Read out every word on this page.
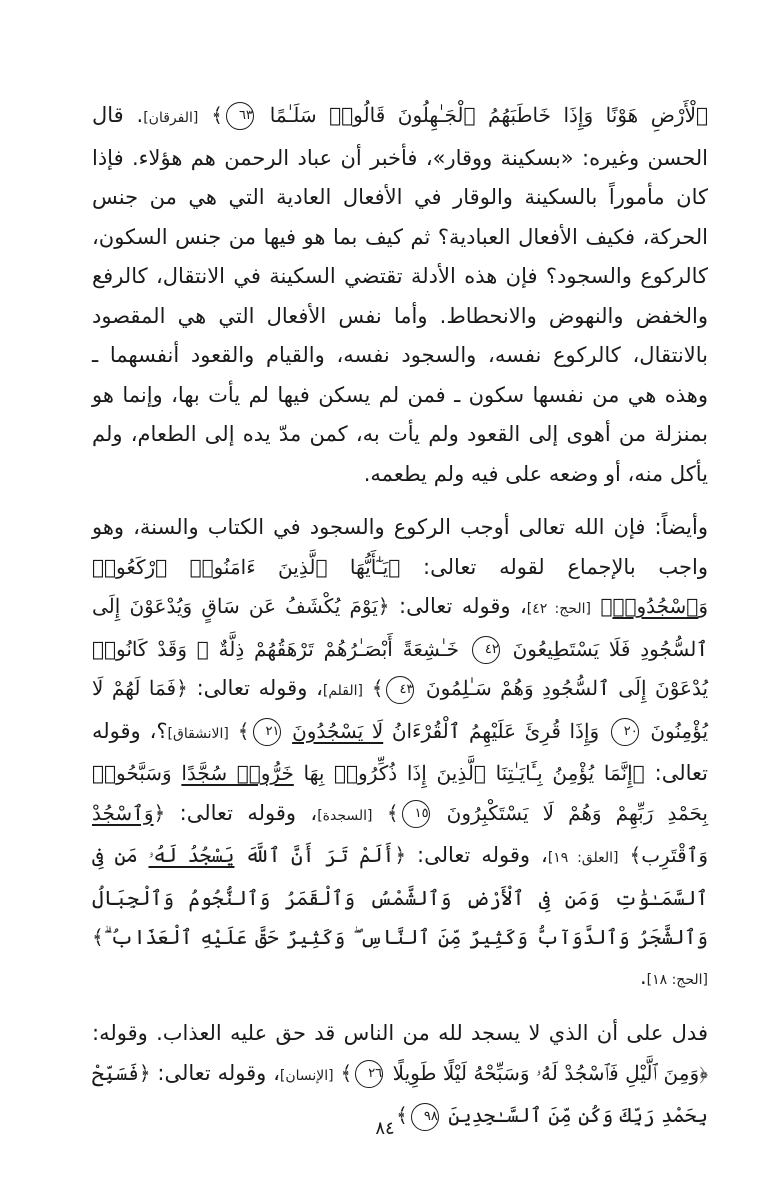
ٱلْأَرْضِ هَوْنًا وَإِذَا خَاطَبَهُمُ ٱلْجَـٰهِلُونَ قَالُوا۟ سَلَـٰمًا ٦٣﴾ [الفرقان]. قال الحسن وغيره: «بسكينة ووقار»، فأخبر أن عباد الرحمن هم هؤلاء. فإذا كان مأموراً بالسكينة والوقار في الأفعال العادية التي هي من جنس الحركة، فكيف الأفعال العبادية؟ ثم كيف بما هو فيها من جنس السكون، كالركوع والسجود؟ فإن هذه الأدلة تقتضي السكينة في الانتقال، كالرفع والخفض والنهوض والانحطاط. وأما نفس الأفعال التي هي المقصود بالانتقال، كالركوع نفسه، والسجود نفسه، والقيام والقعود أنفسهما ـ وهذه هي من نفسها سكون ـ فمن لم يسكن فيها لم يأت بها، وإنما هو بمنزلة من أهوى إلى القعود ولم يأت به، كمن مدّ يده إلى الطعام، ولم يأكل منه، أو وضعه على فيه ولم يطعمه.

وأيضاً: فإن الله تعالى أوجب الركوع والسجود في الكتاب والسنة، وهو واجب بالإجماع لقوله تعالى: ﴿يَـٰٓأَيُّهَا ٱلَّذِينَ ءَامَنُوا۟ ٱرْكَعُوا۟ وَٱسْجُدُوا۟﴾ [الحج: ٤٢]، وقوله تعالى: ﴿يَوْمَ يُكْشَفُ عَن سَاقٍ وَيُدْعَوْنَ إِلَى ٱلسُّجُودِ فَلَا يَسْتَطِيعُونَ ٤٢ خَـٰشِعَةً أَبْصَـٰرُهُمْ تَرْهَقُهُمْ ذِلَّةٌ ۖ وَقَدْ كَانُوا۟ يُدْعَوْنَ إِلَى ٱلسُّجُودِ وَهُمْ سَـٰلِمُونَ ٤٣﴾ [القلم]، وقوله تعالى: ﴿فَمَا لَهُمْ لَا يُؤْمِنُونَ ٢٠ وَإِذَا قُرِئَ عَلَيْهِمُ ٱلْقُرْءَانُ لَا يَسْجُدُونَ ٢١﴾ [الانشقاق]؟، وقوله تعالى: ﴿إِنَّمَا يُؤْمِنُ بِـَٔايَـٰتِنَا ٱلَّذِينَ إِذَا ذُكِّرُوا۟ بِهَا خَرُّوا۟ سُجَّدًا وَسَبَّحُوا۟ بِحَمْدِ رَبِّهِمْ وَهُمْ لَا يَسْتَكْبِرُونَ ١٥﴾ [السجدة]، وقوله تعالى: ﴿وَٱسْجُدْ وَٱقْتَرِب﴾ [العلق: ١٩]، وقوله تعالى: ﴿أَلَمْ تَرَ أَنَّ ٱللَّهَ يَسْجُدُ لَهُۥ مَن فِى ٱلسَّمَـٰوَٰتِ وَمَن فِى ٱلْأَرْضِ وَٱلشَّمْسُ وَٱلْقَمَرُ وَٱلنُّجُومُ وَٱلْجِبَالُ وَٱلشَّجَرُ وَٱلدَّوَآبُّ وَكَثِيرٌ مِّنَ ٱلنَّاسِ ۖ وَكَثِيرٌ حَقَّ عَلَيْهِ ٱلْعَذَابُ ۗ﴾ [الحج: ١٨].

فدل على أن الذي لا يسجد لله من الناس قد حق عليه العذاب. وقوله: ﴿وَمِنَ ٱلَّيْلِ فَٱسْجُدْ لَهُۥ وَسَبِّحْهُ لَيْلًا طَوِيلًا ٢٦﴾ [الإنسان]، وقوله تعالى: ﴿فَسَبِّحْ بِحَمْدِ رَبِّكَ وَكُن مِّنَ ٱلسَّـٰجِدِينَ ٩٨﴾

٨٤
